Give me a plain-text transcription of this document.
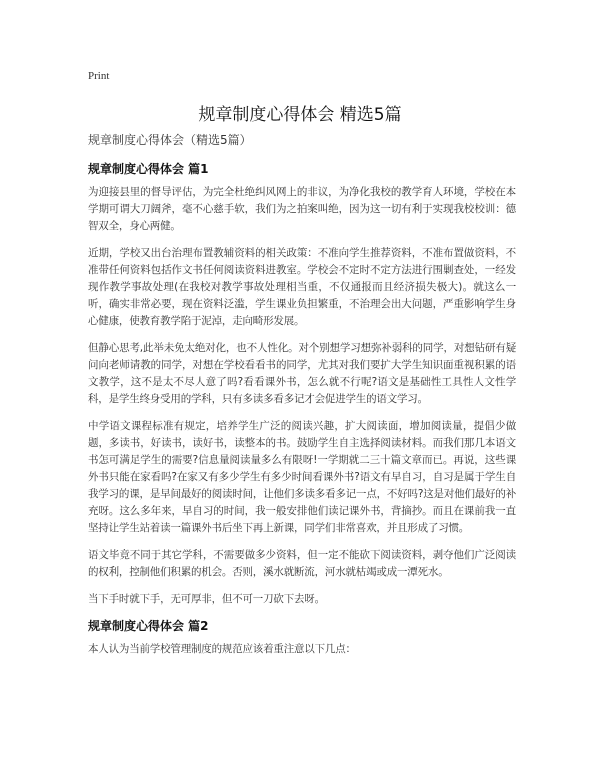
Print
规章制度心得体会 精选5篇

规章制度心得体会（精选5篇）

规章制度心得体会 篇1

为迎接县里的督导评估，为完全杜绝纠风网上的非议，为净化我校的教学育人环境，学校在本学期可谓大刀阔斧，毫不心慈手软，我们为之拍案叫绝，因为这一切有利于实现我校校训：德智双全，身心两健。

近期，学校又出台治理布置教辅资料的相关政策：不准向学生推荐资料，不准布置做资料，不准带任何资料包括作文书任何阅读资料进教室。学校会不定时不定方法进行围剿查处，一经发现作教学事故处理(在我校对教学事故处理相当重，不仅通报而且经济损失极大)。就这么一听，确实非常必要，现在资料泛滥，学生课业负担繁重，不治理会出大问题，严重影响学生身心健康，使教育教学陷于泥淖，走向畸形发展。

但静心思考,此举未免太绝对化，也不人性化。对个别想学习想弥补弱科的同学，对想钻研有疑问向老师请教的同学，对想在学校看看书的同学，尤其对我们要扩大学生知识面重视积累的语文教学，这不是太不尽人意了吗?看看课外书，怎么就不行呢?语文是基础性工具性人文性学科，是学生终身受用的学科，只有多读多看多记才会促进学生的语文学习。

中学语文课程标准有规定，培养学生广泛的阅读兴趣，扩大阅读面，增加阅读量，提倡少做题，多读书，好读书，读好书，读整本的书。鼓励学生自主选择阅读材料。而我们那几本语文书怎可满足学生的需要?信息量阅读量多么有限呀!一学期就二三十篇文章而已。再说，这些课外书只能在家看吗?在家又有多少学生有多少时间看课外书?语文有早自习，自习是属于学生自我学习的课，是早间最好的阅读时间，让他们多读多看多记一点，不好吗?这是对他们最好的补充呀。这么多年来，早自习的时间，我一般安排他们读记课外书，背摘抄。而且在课前我一直坚持让学生站着读一篇课外书后坐下再上新课，同学们非常喜欢，并且形成了习惯。

语文毕竟不同于其它学科，不需要做多少资料，但一定不能砍下阅读资料，剥夺他们广泛阅读的权利，控制他们积累的机会。否则，溪水就断流，河水就枯竭或成一潭死水。

当下手时就下手，无可厚非，但不可一刀砍下去呀。

规章制度心得体会 篇2

本人认为当前学校管理制度的规范应该着重注意以下几点：
